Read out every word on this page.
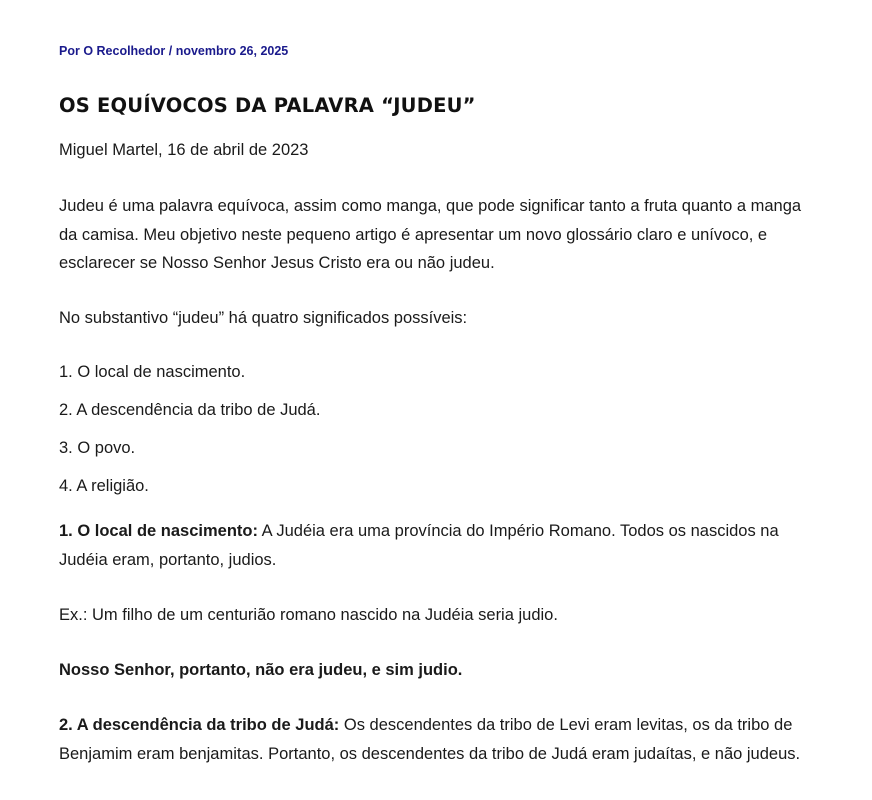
Por O Recolhedor / novembro 26, 2025
OS EQUÍVOCOS DA PALAVRA “JUDEU”

Miguel Martel, 16 de abril de 2023

Judeu é uma palavra equívoca, assim como manga, que pode significar tanto a fruta quanto a manga da camisa. Meu objetivo neste pequeno artigo é apresentar um novo glossário claro e unívoco, e esclarecer se Nosso Senhor Jesus Cristo era ou não judeu.

No substantivo “judeu” há quatro significados possíveis:

1. O local de nascimento.

2. A descendência da tribo de Judá.

3. O povo.

4. A religião.

1. O local de nascimento: A Judéia era uma província do Império Romano. Todos os nascidos na Judéia eram, portanto, judios.

Ex.: Um filho de um centurião romano nascido na Judéia seria judio.

Nosso Senhor, portanto, não era judeu, e sim judio.

2. A descendência da tribo de Judá: Os descendentes da tribo de Levi eram levitas, os da tribo de Benjamim eram benjamitas. Portanto, os descendentes da tribo de Judá eram judaítas, e não judeus.
